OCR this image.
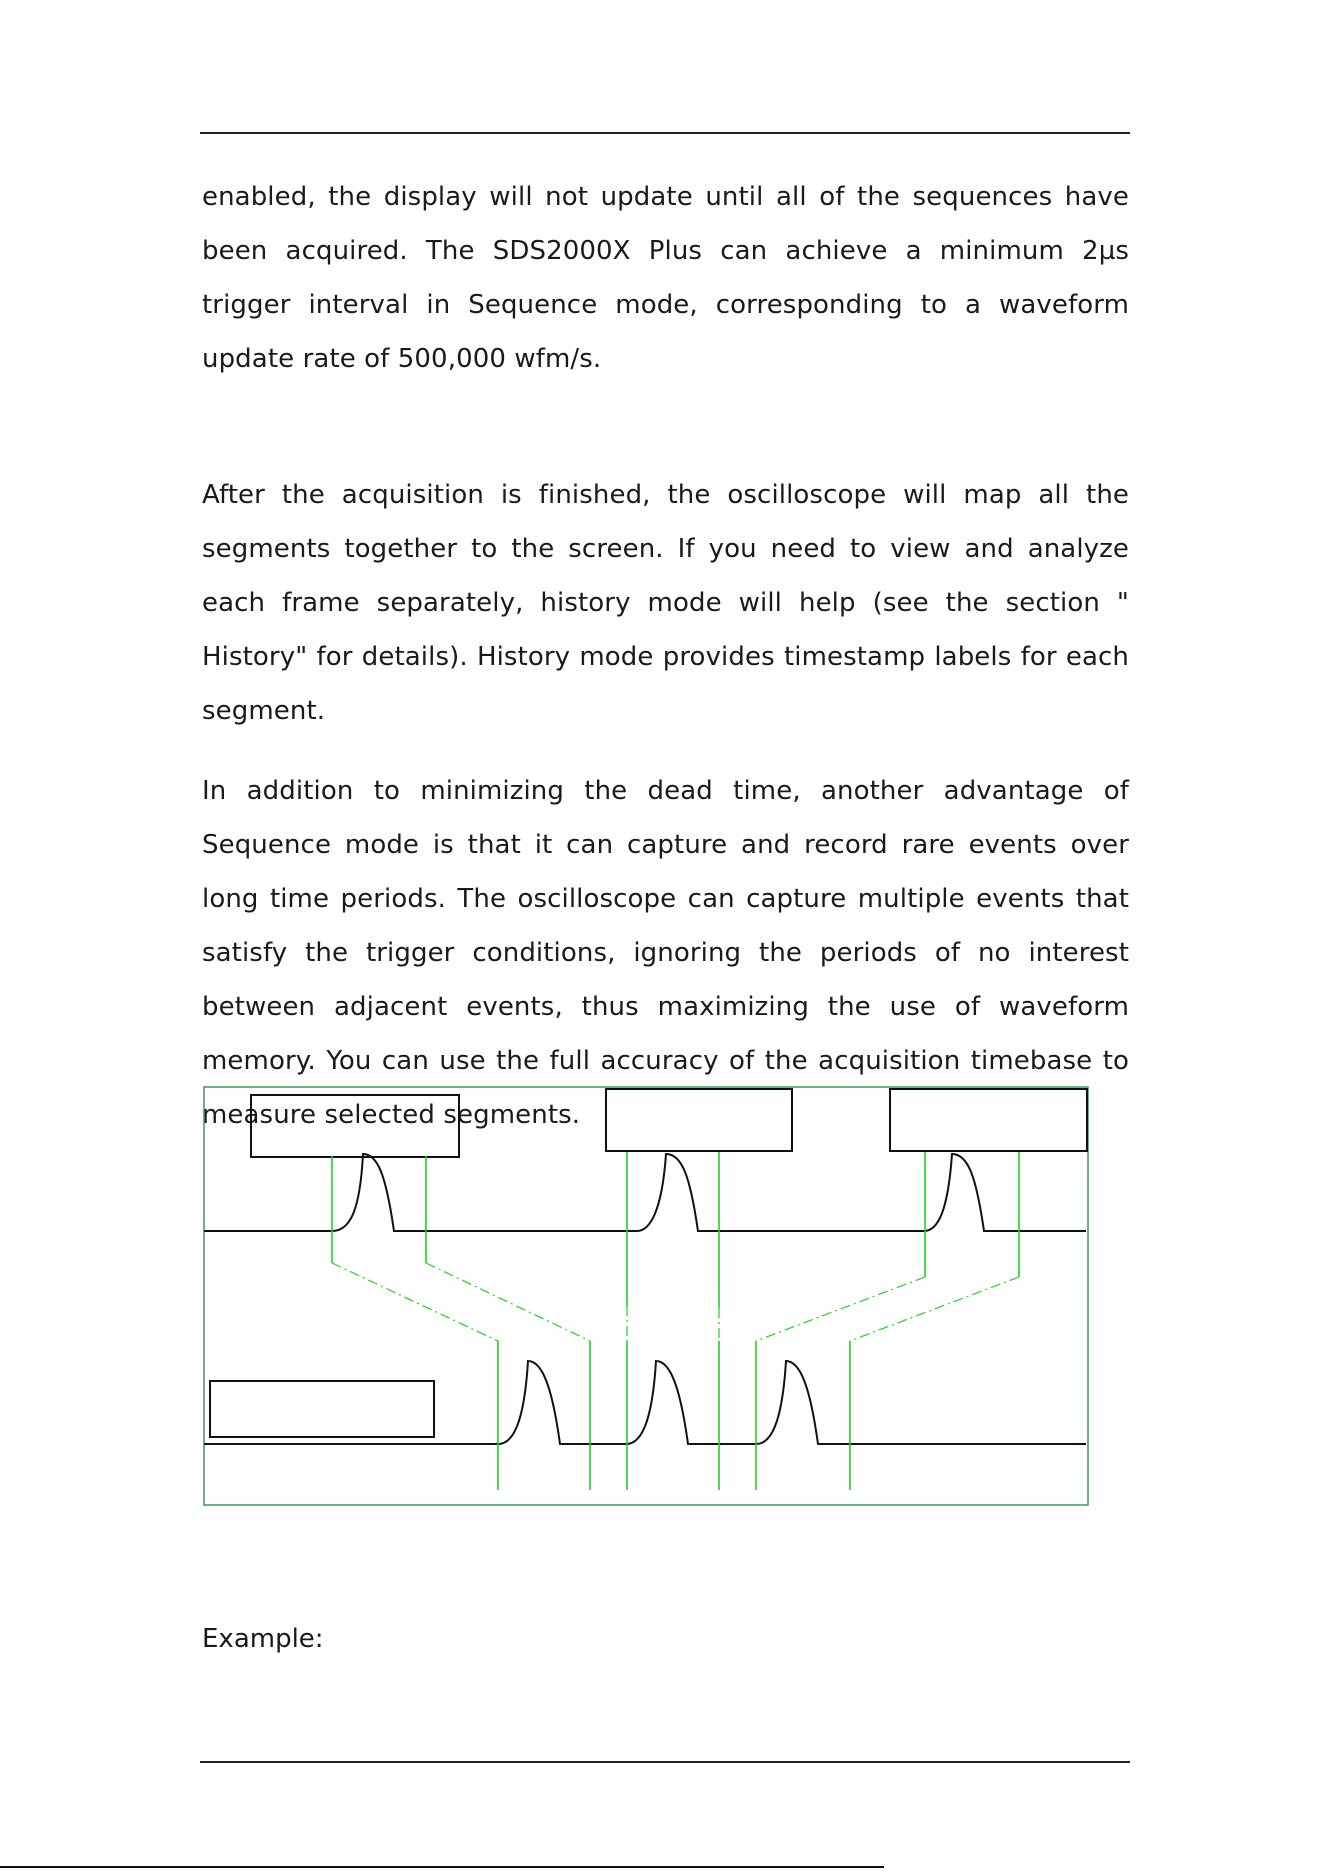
enabled, the display will not update until all of the sequences have been acquired. The SDS2000X Plus can achieve a minimum 2µs trigger interval in Sequence mode, corresponding to a waveform update rate of 500,000 wfm/s.

After the acquisition is finished, the oscilloscope will map all the segments together to the screen. If you need to view and analyze each frame separately, history mode will help (see the section " History" for details). History mode provides timestamp labels for each segment.

In addition to minimizing the dead time, another advantage of Sequence mode is that it can capture and record rare events over long time periods. The oscilloscope can capture multiple events that satisfy the trigger conditions, ignoring the periods of no interest between adjacent events, thus maximizing the use of waveform memory. You can use the full accuracy of the acquisition timebase to measure selected segments.

Example:
